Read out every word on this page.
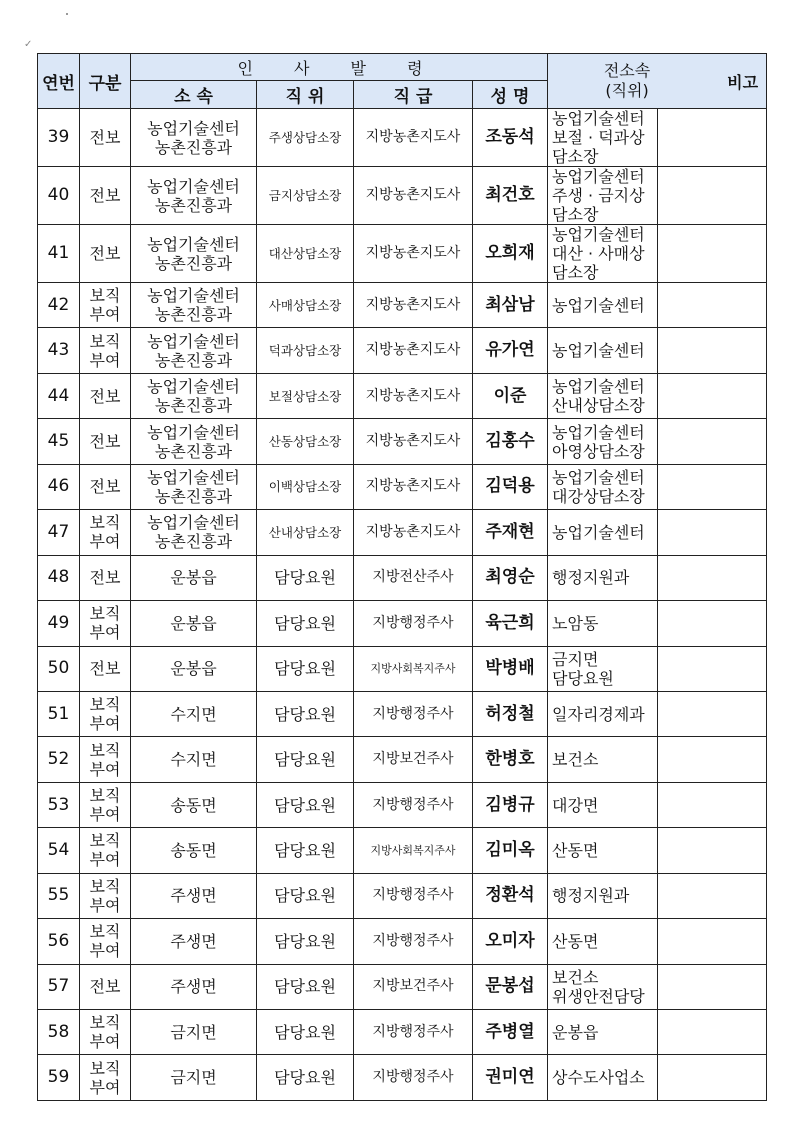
✓
연번	구분	인 사 발 령				전소속
(직위) 비고	

		소 속	직 위	직 급	성 명		
39	전보	농업기술센터
농촌진흥과	주생상담소장	지방농촌지도사	조동석	농업기술센터
보절 · 덕과상담소장	

40	전보	농업기술센터
농촌진흥과	금지상담소장	지방농촌지도사	최건호	농업기술센터
주생 · 금지상담소장	

41	전보	농업기술센터
농촌진흥과	대산상담소장	지방농촌지도사	오희재	농업기술센터
대산 · 사매상담소장	

42	보직
부여	농업기술센터
농촌진흥과	사매상담소장	지방농촌지도사	최삼남	농업기술센터	

43	보직
부여	농업기술센터
농촌진흥과	덕과상담소장	지방농촌지도사	유가연	농업기술센터	

44	전보	농업기술센터
농촌진흥과	보절상담소장	지방농촌지도사	이준	농업기술센터
산내상담소장	

45	전보	농업기술센터
농촌진흥과	산동상담소장	지방농촌지도사	김홍수	농업기술센터
아영상담소장	

46	전보	농업기술센터
농촌진흥과	이백상담소장	지방농촌지도사	김덕용	농업기술센터
대강상담소장	

47	보직
부여	농업기술센터
농촌진흥과	산내상담소장	지방농촌지도사	주재현	농업기술센터	

48	전보	운봉읍	담당요원	지방전산주사	최영순	행정지원과	

49	보직
부여	운봉읍	담당요원	지방행정주사	육근희	노암동	

50	전보	운봉읍	담당요원	지방사회복지주사	박병배	금지면
담당요원	

51	보직
부여	수지면	담당요원	지방행정주사	허정철	일자리경제과	

52	보직
부여	수지면	담당요원	지방보건주사	한병호	보건소	

53	보직
부여	송동면	담당요원	지방행정주사	김병규	대강면	

54	보직
부여	송동면	담당요원	지방사회복지주사	김미옥	산동면	

55	보직
부여	주생면	담당요원	지방행정주사	정환석	행정지원과	

56	보직
부여	주생면	담당요원	지방행정주사	오미자	산동면	

57	전보	주생면	담당요원	지방보건주사	문봉섭	보건소
위생안전담당	

58	보직
부여	금지면	담당요원	지방행정주사	주병열	운봉읍	

59	보직
부여	금지면	담당요원	지방행정주사	권미연	상수도사업소	
